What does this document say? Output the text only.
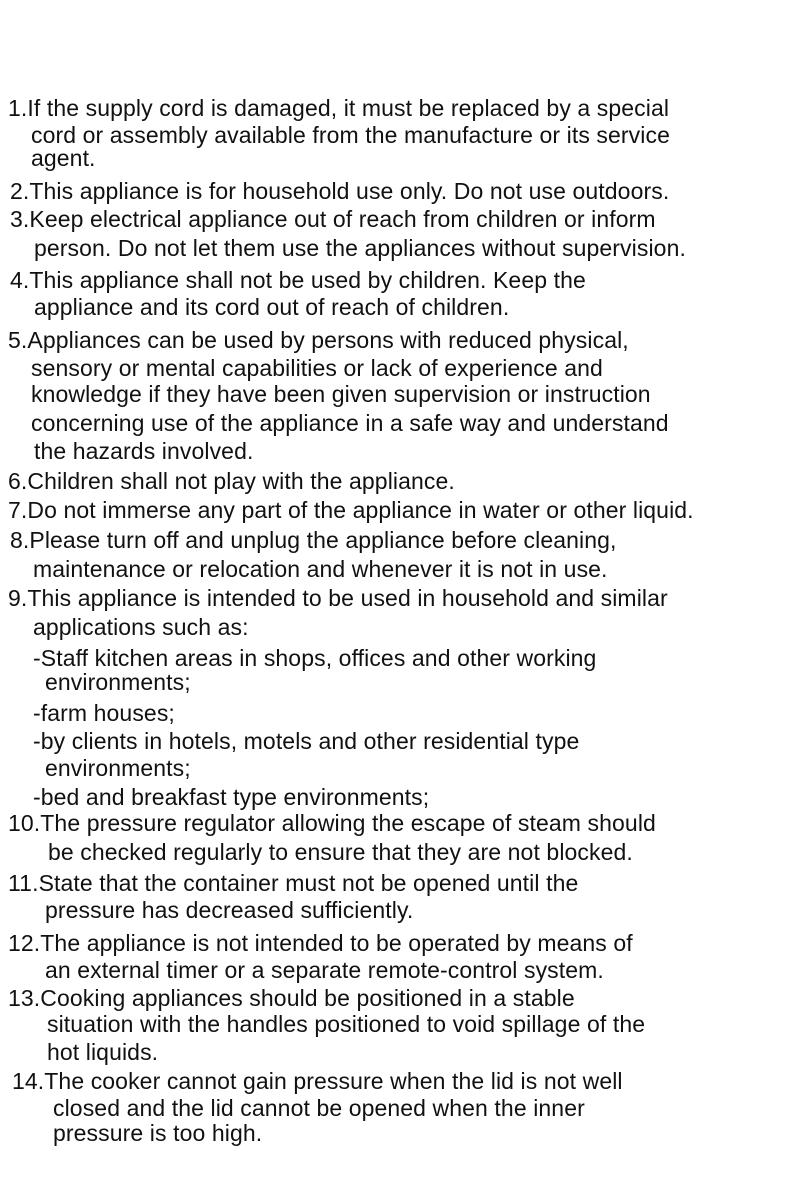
1.If the supply cord is damaged, it must be replaced by a special
cord or assembly available from the manufacture or its service
agent.
2.This appliance is for household use only. Do not use outdoors.
3.Keep electrical appliance out of reach from children or inform
person. Do not let them use the appliances without supervision.
4.This appliance shall not be used by children. Keep the
appliance and its cord out of reach of children.
5.Appliances can be used by persons with reduced physical,
sensory or mental capabilities or lack of experience and
knowledge if they have been given supervision or instruction
concerning use of the appliance in a safe way and understand
the hazards involved.
6.Children shall not play with the appliance.
7.Do not immerse any part of the appliance in water or other liquid.
8.Please turn off and unplug the appliance before cleaning,
maintenance or relocation and whenever it is not in use.
9.This appliance is intended to be used in household and similar
applications such as:
-Staff kitchen areas in shops, offices and other working
environments;
-farm houses;
-by clients in hotels, motels and other residential type
environments;
-bed and breakfast type environments;
10.The pressure regulator allowing the escape of steam should
be checked regularly to ensure that they are not blocked.
11.State that the container must not be opened until the
pressure has decreased sufficiently.
12.The appliance is not intended to be operated by means of
an external timer or a separate remote-control system.
13.Cooking appliances should be positioned in a stable
situation with the handles positioned to void spillage of the
hot liquids.
14.The cooker cannot gain pressure when the lid is not well
closed and the lid cannot be opened when the inner
pressure is too high.
